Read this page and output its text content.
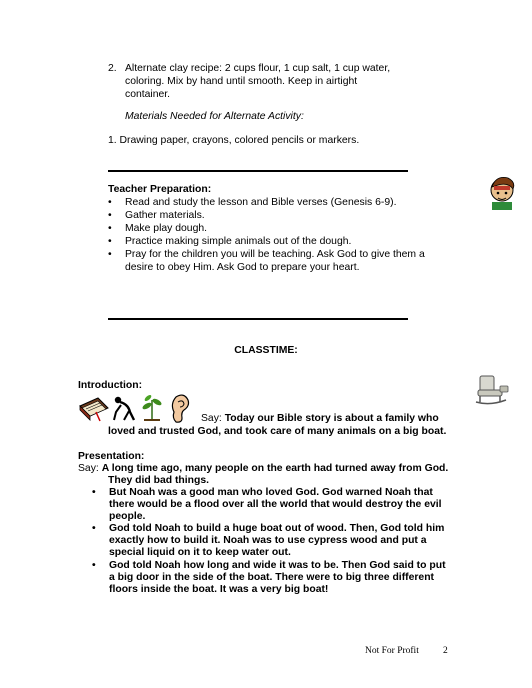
2. Alternate clay recipe: 2 cups flour, 1 cup salt, 1 cup water,
coloring. Mix by hand until smooth. Keep in airtight
container.
Materials Needed for Alternate Activity:
1. Drawing paper, crayons, colored pencils or markers.
Teacher Preparation:
• Read and study the lesson and Bible verses (Genesis 6-9).
• Gather materials.
• Make play dough.
• Practice making simple animals out of the dough.
• Pray for the children you will be teaching. Ask God to give them a
desire to obey Him. Ask God to prepare your heart.
CLASSTIME:
Introduction:
Say: Today our Bible story is about a family who
loved and trusted God, and took care of many animals on a big boat.
Presentation:
Say: A long time ago, many people on the earth had turned away from God.
They did bad things.
• But Noah was a good man who loved God. God warned Noah that
there would be a flood over all the world that would destroy the evil
people.
• God told Noah to build a huge boat out of wood. Then, God told him
exactly how to build it. Noah was to use cypress wood and put a
special liquid on it to keep water out.
• God told Noah how long and wide it was to be. Then God said to put
a big door in the side of the boat. There were to big three different
floors inside the boat. It was a very big boat!
Not For Profit	2
